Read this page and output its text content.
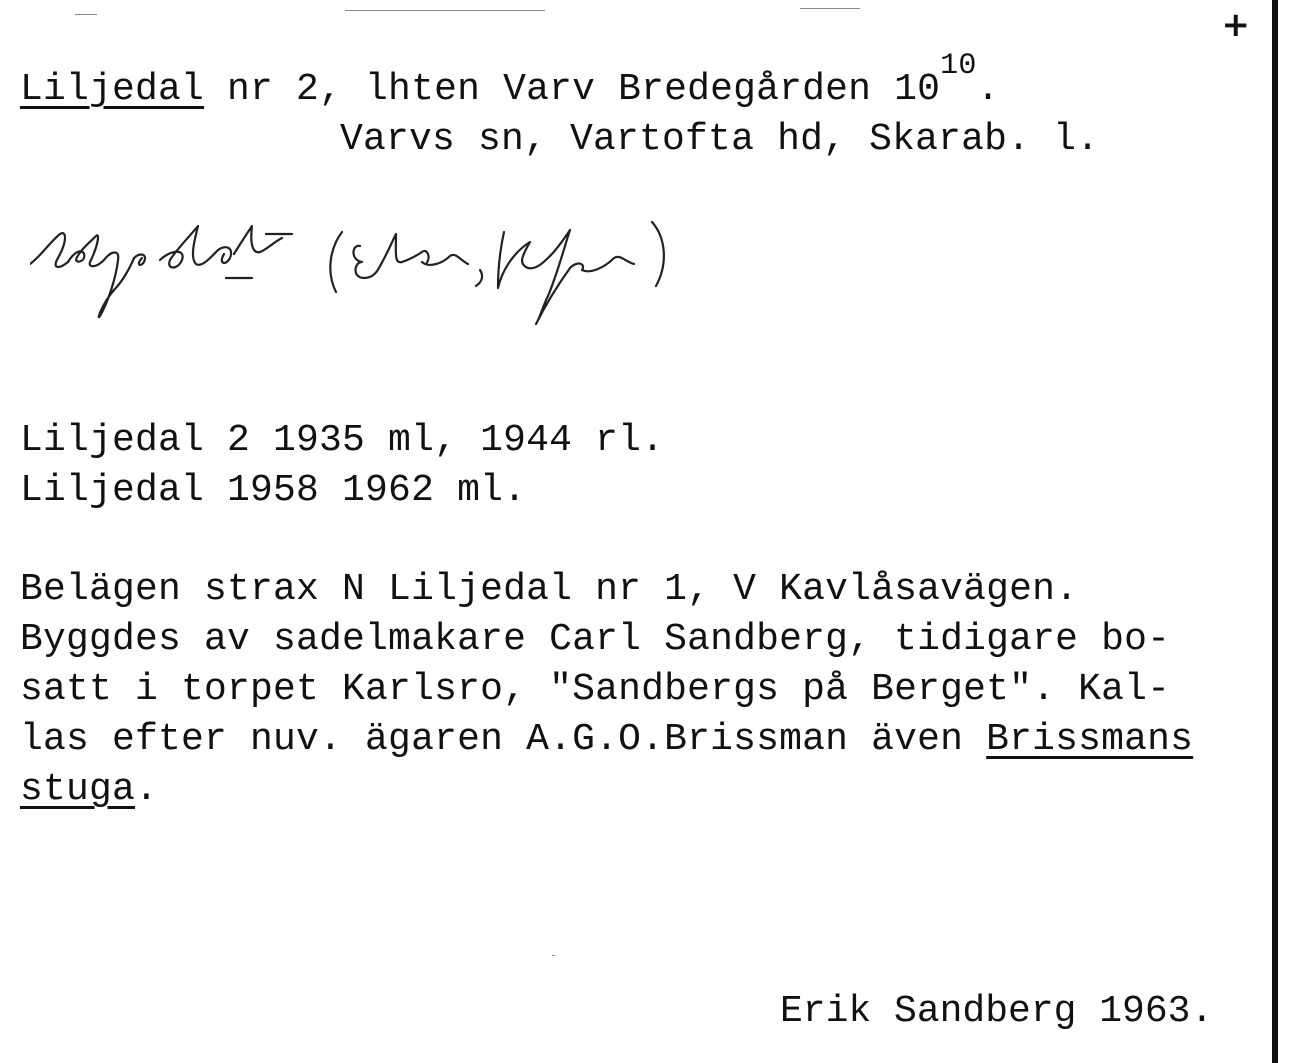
+
Liljedal nr 2, lhten Varv Bredegården $10^{10}$.
Varvs sn, Vartofta hd, Skarab. l.
Liljedal 2 1935 ml, 1944 rl.
Liljedal 1958 1962 ml.
Belägen strax N Liljedal nr 1, V Kavlåsavägen.
Byggdes av sadelmakare Carl Sandberg, tidigare bo-
satt i torpet Karlsro, "Sandbergs på Berget". Kal-
las efter nuv. ägaren A.G.O.Brissman även Brissmans
stuga.
Erik Sandberg 1963.
